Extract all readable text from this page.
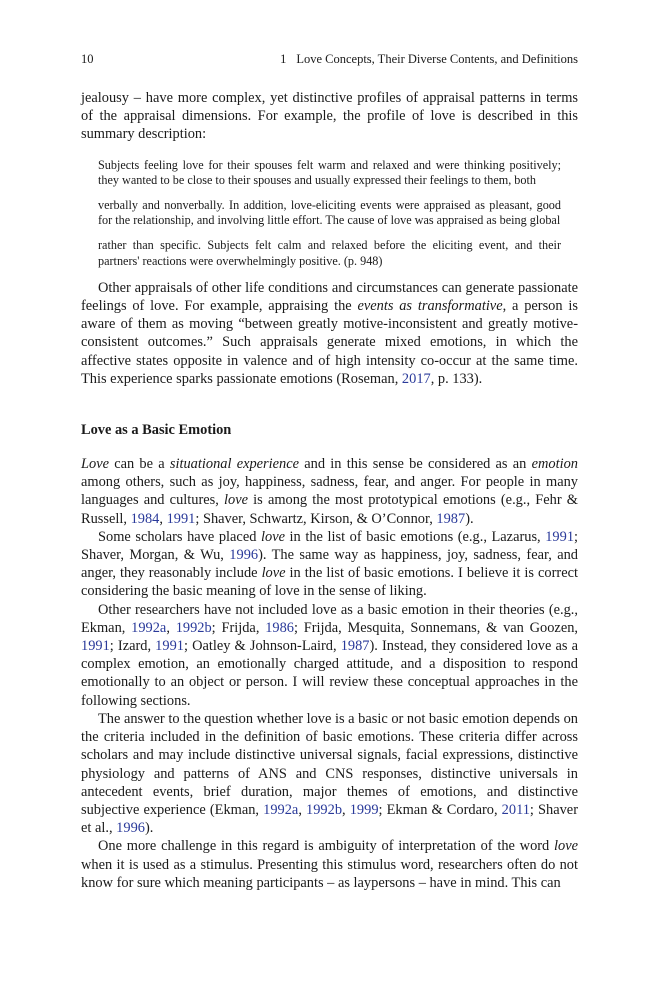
10	1 Love Concepts, Their Diverse Contents, and Definitions

jealousy – have more complex, yet distinctive profiles of appraisal patterns in terms of the appraisal dimensions. For example, the profile of love is described in this summary description:

Subjects feeling love for their spouses felt warm and relaxed and were thinking positively; they wanted to be close to their spouses and usually expressed their feelings to them, both

verbally and nonverbally. In addition, love-eliciting events were appraised as pleasant, good for the relationship, and involving little effort. The cause of love was appraised as being global

rather than specific. Subjects felt calm and relaxed before the eliciting event, and their partners' reactions were overwhelmingly positive. (p. 948)

Other appraisals of other life conditions and circumstances can generate passionate feelings of love. For example, appraising the events as transformative, a person is aware of them as moving “between greatly motive-inconsistent and greatly motive-consistent outcomes.” Such appraisals generate mixed emotions, in which the affective states opposite in valence and of high intensity co-occur at the same time. This experience sparks passionate emotions (Roseman, 2017, p. 133).

Love as a Basic Emotion

Love can be a situational experience and in this sense be considered as an emotion among others, such as joy, happiness, sadness, fear, and anger. For people in many languages and cultures, love is among the most prototypical emotions (e.g., Fehr & Russell, 1984, 1991; Shaver, Schwartz, Kirson, & O’Connor, 1987).

Some scholars have placed love in the list of basic emotions (e.g., Lazarus, 1991; Shaver, Morgan, & Wu, 1996). The same way as happiness, joy, sadness, fear, and anger, they reasonably include love in the list of basic emotions. I believe it is correct considering the basic meaning of love in the sense of liking.

Other researchers have not included love as a basic emotion in their theories (e.g., Ekman, 1992a, 1992b; Frijda, 1986; Frijda, Mesquita, Sonnemans, & van Goozen, 1991; Izard, 1991; Oatley & Johnson-Laird, 1987). Instead, they considered love as a complex emotion, an emotionally charged attitude, and a disposition to respond emotionally to an object or person. I will review these conceptual approaches in the following sections.

The answer to the question whether love is a basic or not basic emotion depends on the criteria included in the definition of basic emotions. These criteria differ across scholars and may include distinctive universal signals, facial expressions, distinctive physiology and patterns of ANS and CNS responses, distinctive universals in antecedent events, brief duration, major themes of emotions, and distinctive subjective experience (Ekman, 1992a, 1992b, 1999; Ekman & Cordaro, 2011; Shaver et al., 1996).

One more challenge in this regard is ambiguity of interpretation of the word love when it is used as a stimulus. Presenting this stimulus word, researchers often do not know for sure which meaning participants – as laypersons – have in mind. This can
